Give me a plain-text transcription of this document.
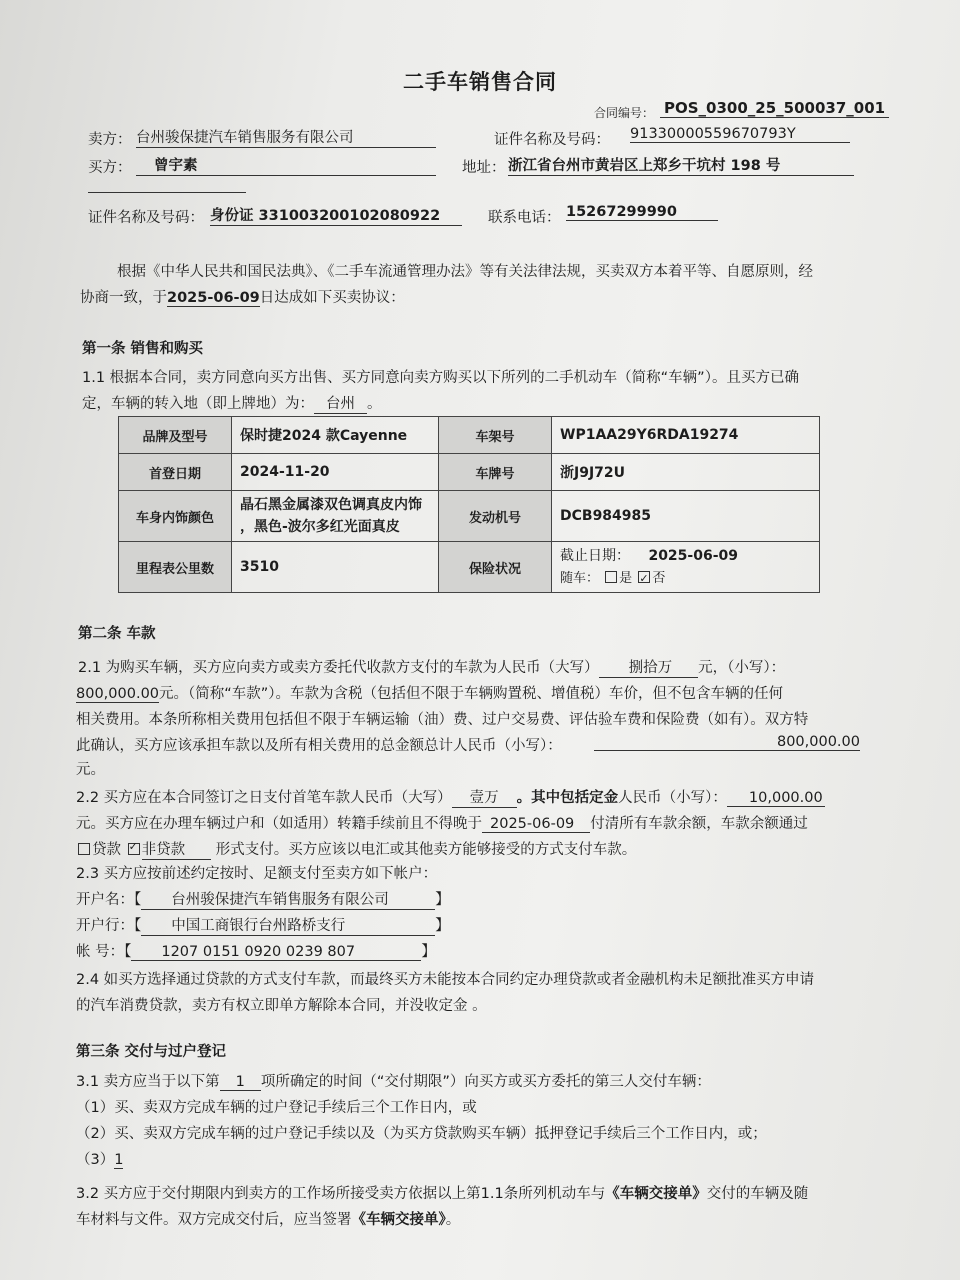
二手车销售合同
合同编号： POS_0300_25_500037_001
卖方： 台州骏保捷汽车销售服务有限公司	证件名称及号码： 91330000559670793Y
买方：	曾宇素	地址： 浙江省台州市黄岩区上郑乡干坑村 198 号
证件名称及号码： 身份证 331003200102080922	联系电话： 15267299990
根据《中华人民共和国民法典》、《二手车流通管理办法》等有关法律法规，买卖双方本着平等、自愿原则，经
协商一致，于2025-06-09日达成如下买卖协议：
第一条 销售和购买
1.1 根据本合同，卖方同意向买方出售、买方同意向卖方购买以下所列的二手机动车（简称“车辆”）。且买方已确
定，车辆的转入地（即上牌地）为： 台州 。
品牌及型号	保时捷2024 款Cayenne	车架号	WP1AA29Y6RDA19274
首登日期	2024-11-20	车牌号	浙J9J72U
车身内饰颜色	晶石黑金属漆双色调真皮内饰
，黑色-波尔多红光面真皮	发动机号	DCB984985
里程表公里数	3510	保险状况	截止日期： 2025-06-09
随车： 是 ✓ 否
第二条 车款
2.1 为购买车辆，买方应向卖方或卖方委托代收款方支付的车款为人民币（大写） 捌拾万 元，（小写）：
800,000.00元。（简称“车款”）。车款为含税（包括但不限于车辆购置税、增值税）车价，但不包含车辆的任何
相关费用。本条所称相关费用包括但不限于车辆运输（油）费、过户交易费、评估验车费和保险费（如有）。双方特
此确认，买方应该承担车款以及所有相关费用的总金额总计人民币（小写）：	800,000.00
元。
2.2 买方应在本合同签订之日支付首笔车款人民币（大写） 壹万 。其中包括定金人民币（小写）： 10,000.00
元。买方应在办理车辆过户和（如适用）转籍手续前且不得晚于 2025-06-09 付清所有车款余额，车款余额通过
贷款 ✓ 非贷款 形式支付。买方应该以电汇或其他卖方能够接受的方式支付车款。
2.3 买方应按前述约定按时、足额支付至卖方如下帐户：
开户名：【 台州骏保捷汽车销售服务有限公司	】
开户行：【 中国工商银行台州路桥支行	】
帐 号：【 1207 0151 0920 0239 807	】
2.4 如买方选择通过贷款的方式支付车款，而最终买方未能按本合同约定办理贷款或者金融机构未足额批准买方申请
的汽车消费贷款，卖方有权立即单方解除本合同，并没收定金 。
第三条 交付与过户登记
3.1 卖方应当于以下第 1 项所确定的时间（“交付期限”）向买方或买方委托的第三人交付车辆：
（1）买、卖双方完成车辆的过户登记手续后三个工作日内，或
（2）买、卖双方完成车辆的过户登记手续以及（为买方贷款购买车辆）抵押登记手续后三个工作日内，或；
（3）1
3.2 买方应于交付期限内到卖方的工作场所接受卖方依据以上第1.1条所列机动车与《车辆交接单》交付的车辆及随
车材料与文件。双方完成交付后，应当签署《车辆交接单》。
